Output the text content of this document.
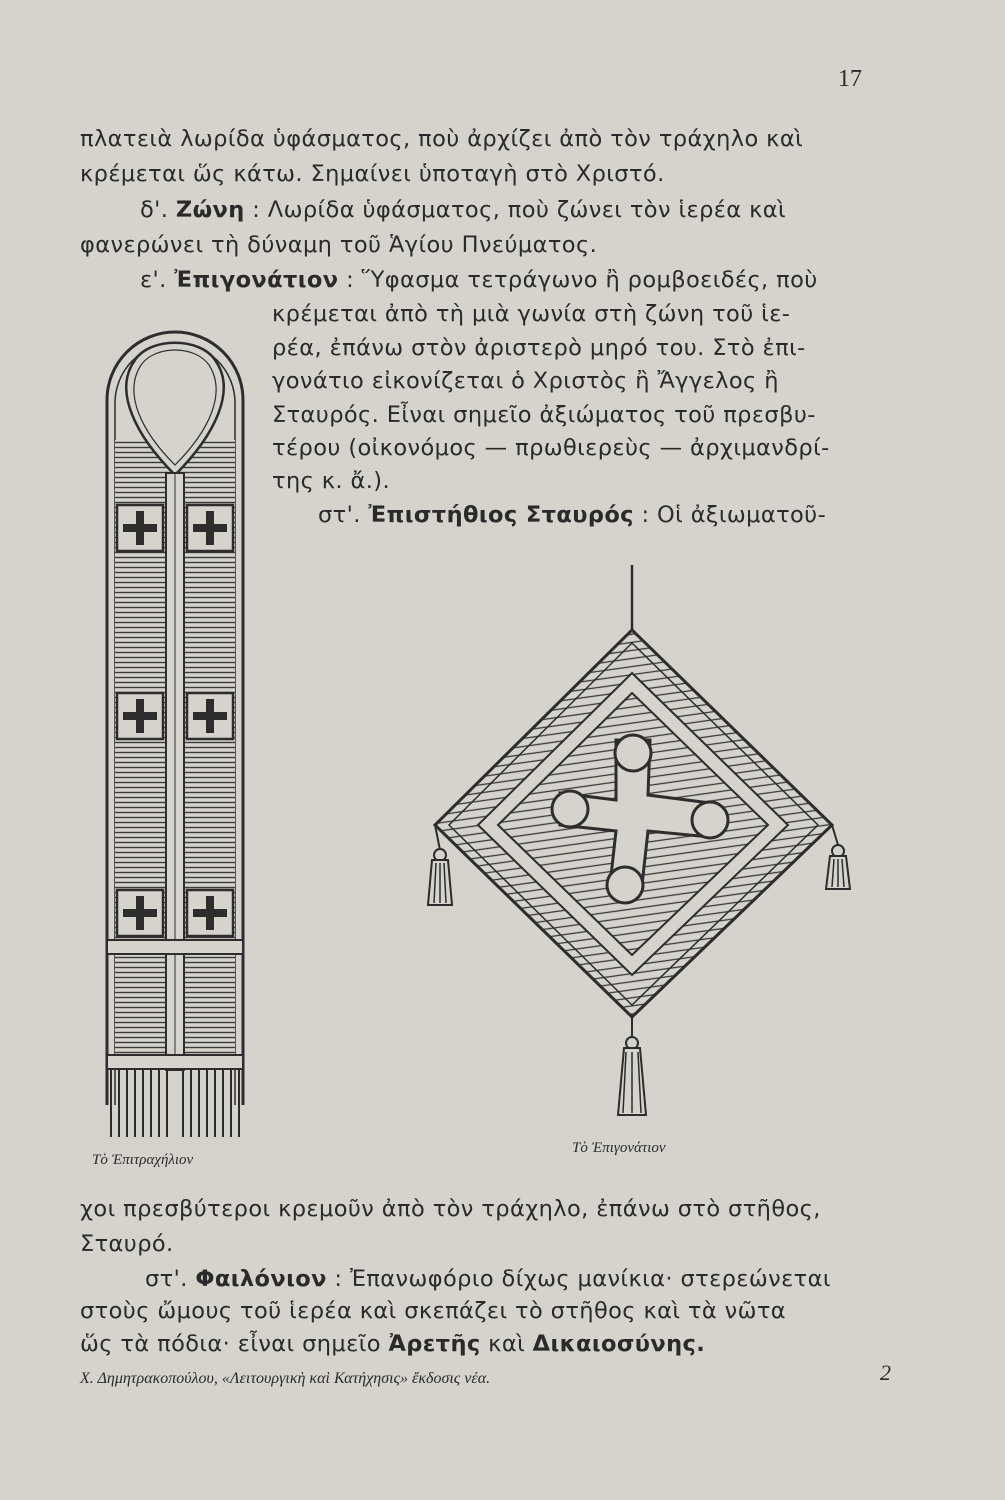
17
πλατειὰ λωρίδα ὑφάσματος, ποὺ ἀρχίζει ἀπὸ τὸν τράχηλο καὶ
κρέμεται ὥς κάτω. Σημαίνει ὑποταγὴ στὸ Χριστό.
δ'. Ζώνη : Λωρίδα ὑφάσματος, ποὺ ζώνει τὸν ἱερέα καὶ
φανερώνει τὴ δύναμη τοῦ Ἁγίου Πνεύματος.
ε'. Ἐπιγονάτιον : Ὕφασμα τετράγωνο ἢ ρομβοειδές, ποὺ
κρέμεται ἀπὸ τὴ μιὰ γωνία στὴ ζώνη τοῦ ἱε-
ρέα, ἐπάνω στὸν ἀριστερὸ μηρό του. Στὸ ἐπι-
γονάτιο εἰκονίζεται ὁ Χριστὸς ἢ Ἄγγελος ἢ
Σταυρός. Εἶναι σημεῖο ἀξιώματος τοῦ πρεσβυ-
τέρου (οἰκονόμος — πρωθιερεὺς — ἀρχιμανδρί-
της κ. ἄ.).
στ'. Ἐπιστήθιος Σταυρός : Οἱ ἀξιωματοῦ-
Τὸ Ἐπιτραχήλιον
Τὸ Ἐπιγονάτιον
χοι πρεσβύτεροι κρεμοῦν ἀπὸ τὸν τράχηλο, ἐπάνω στὸ στῆθος,
Σταυρό.
στ'. Φαιλόνιον : Ἐπανωφόριο δίχως μανίκια· στερεώνεται
στοὺς ὤμους τοῦ ἱερέα καὶ σκεπάζει τὸ στῆθος καὶ τὰ νῶτα
ὥς τὰ πόδια· εἶναι σημεῖο Ἀρετῆς καὶ Δικαιοσύνης.
Χ. Δημητρακοπούλου, «Λειτουργικὴ καὶ Κατήχησις» ἔκδοσις νέα.	2
